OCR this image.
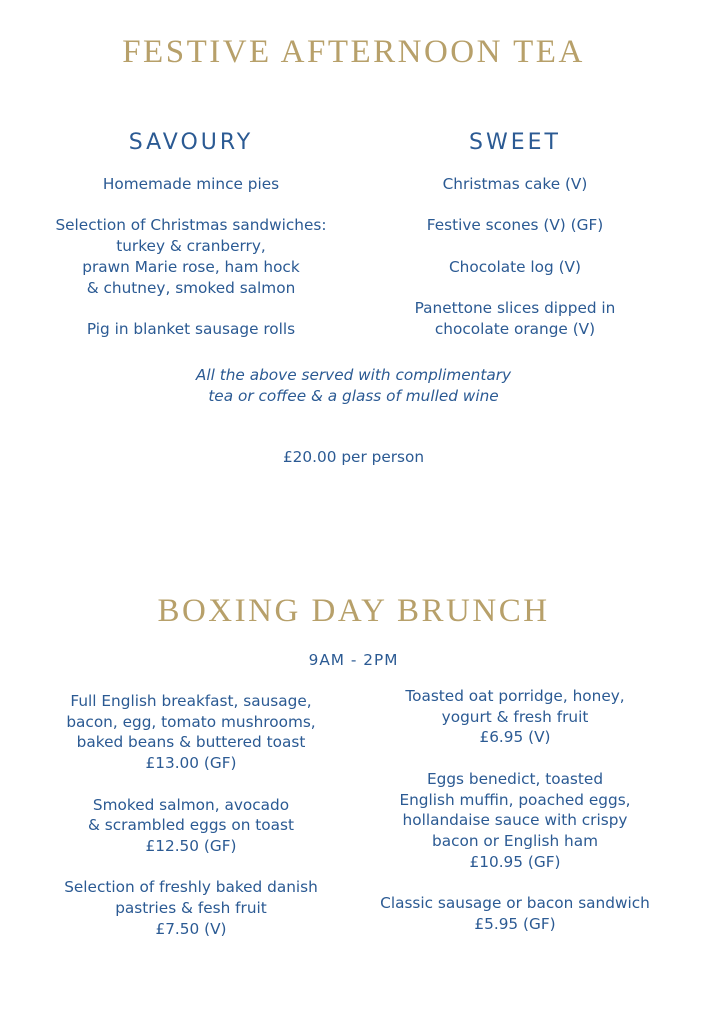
FESTIVE AFTERNOON TEA
SAVOURY

Homemade mince pies

Selection of Christmas sandwiches:
turkey & cranberry,
prawn Marie rose, ham hock
& chutney, smoked salmon

Pig in blanket sausage rolls

SWEET

Christmas cake (V)

Festive scones (V) (GF)

Chocolate log (V)

Panettone slices dipped in
chocolate orange (V)

All the above served with complimentary
tea or coffee & a glass of mulled wine

£20.00 per person

BOXING DAY BRUNCH

9AM - 2PM

Full English breakfast, sausage,
bacon, egg, tomato mushrooms,
baked beans & buttered toast
£13.00 (GF)

Smoked salmon, avocado
& scrambled eggs on toast
£12.50 (GF)

Selection of freshly baked danish
pastries & fesh fruit
£7.50 (V)

Toasted oat porridge, honey,
yogurt & fresh fruit
£6.95 (V)

Eggs benedict, toasted
English muffin, poached eggs,
hollandaise sauce with crispy
bacon or English ham
£10.95 (GF)

Classic sausage or bacon sandwich
£5.95 (GF)
